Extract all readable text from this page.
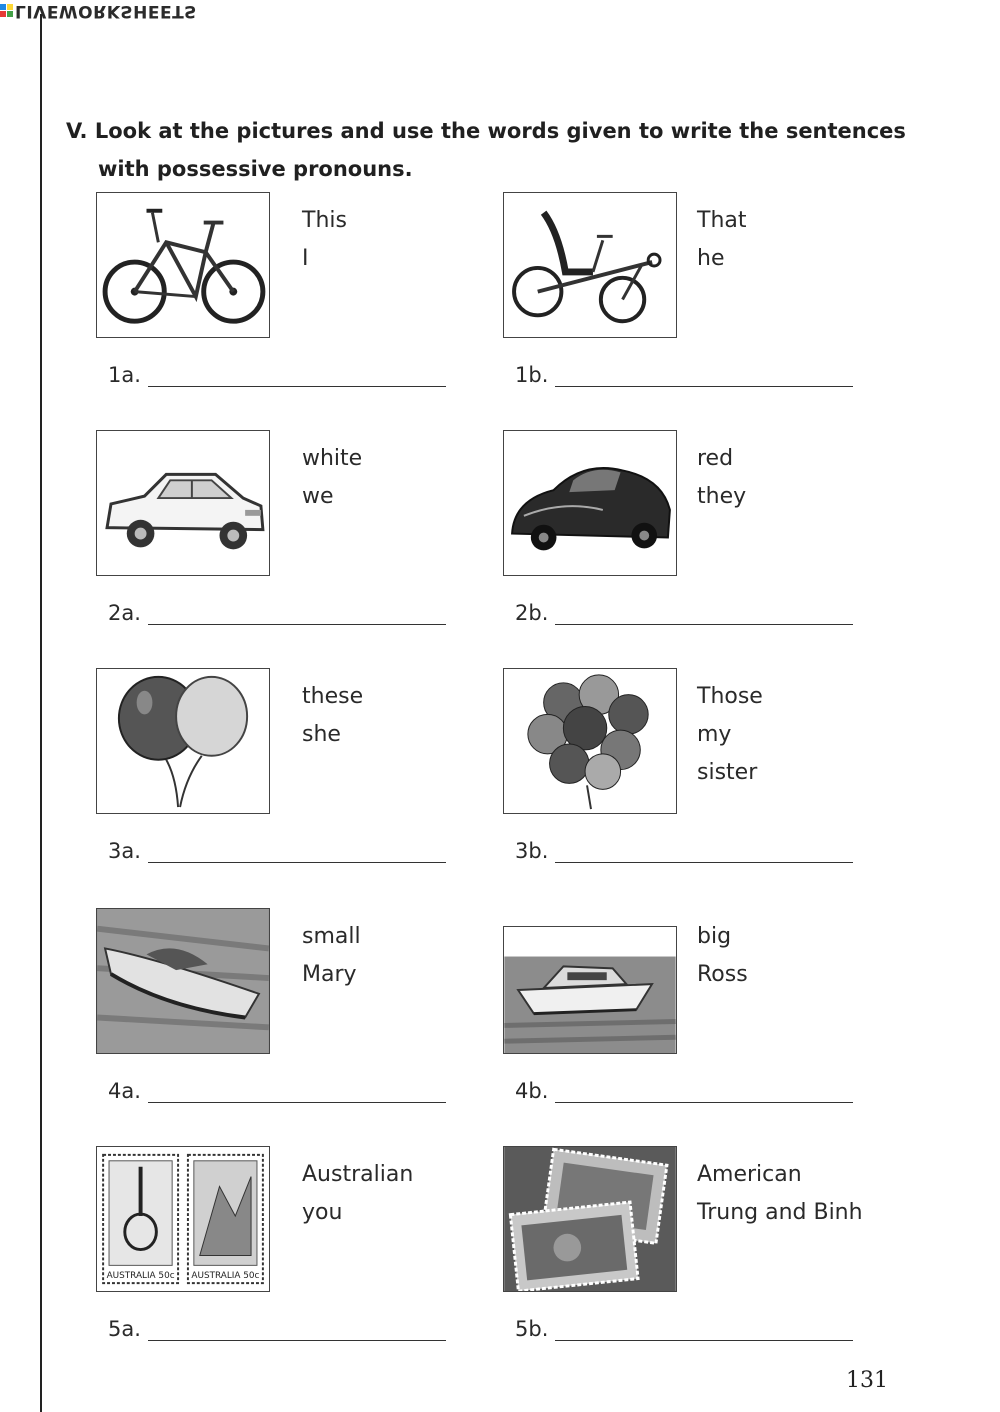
LIVEWORKSHEETS
V. Look at the pictures and use the words given to write the sentences
with possessive pronouns.
This
I
1a.
That
he
1b.
white
we
2a.
red
they
2b.
these
she
3a.
Those
my
sister
3b.
small
Mary
4a.
big
Ross
4b.
AUSTRALIA 50c AUSTRALIA 50c
Australian
you
5a.
American
Trung and Binh
5b.
131
